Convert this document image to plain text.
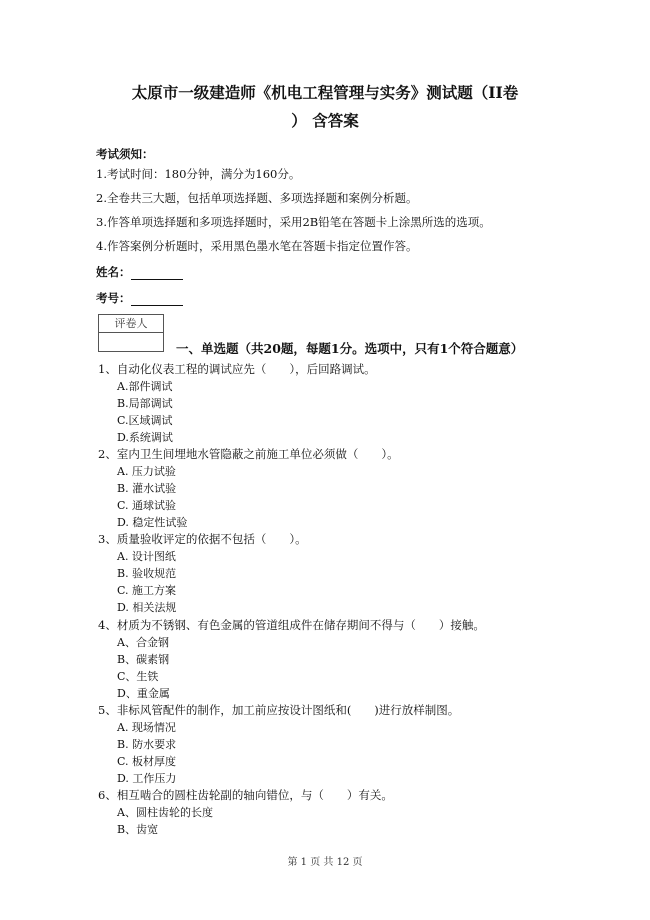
太原市一级建造师《机电工程管理与实务》测试题（II卷
） 含答案
考试须知：
1.考试时间：180分钟，满分为160分。
2.全卷共三大题，包括单项选择题、多项选择题和案例分析题。
3.作答单项选择题和多项选择题时，采用2B铅笔在答题卡上涂黑所选的选项。
4.作答案例分析题时，采用黑色墨水笔在答题卡指定位置作答。
姓名：
考号：
评卷人
一、单选题（共20题，每题1分。选项中，只有1个符合题意）
1、自动化仪表工程的调试应先（　　），后回路调试。
A.部件调试
B.局部调试
C.区域调试
D.系统调试
2、室内卫生间埋地水管隐蔽之前施工单位必须做（　　）。
A. 压力试验
B. 灌水试验
C. 通球试验
D. 稳定性试验
3、质量验收评定的依据不包括（　　）。
A. 设计图纸
B. 验收规范
C. 施工方案
D. 相关法规
4、材质为不锈钢、有色金属的管道组成件在储存期间不得与（　　）接触。
A、合金钢
B、碳素钢
C、生铁
D、重金属
5、非标风管配件的制作，加工前应按设计图纸和(　　)进行放样制图。
A. 现场情况
B. 防水要求
C. 板材厚度
D. 工作压力
6、相互啮合的圆柱齿轮副的轴向错位，与（　　）有关。
A、圆柱齿轮的长度
B、齿宽
第 1 页 共 12 页
